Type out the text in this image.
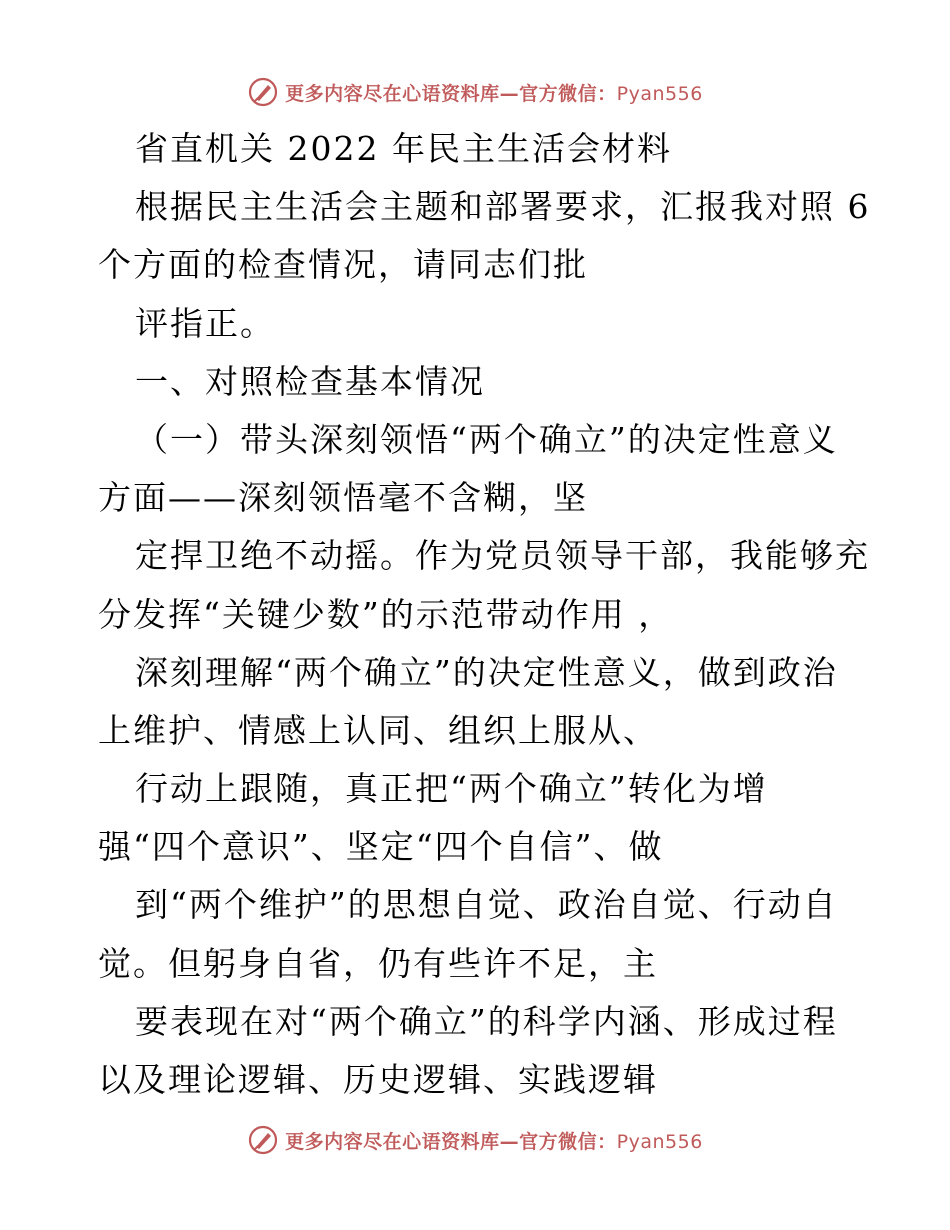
更多内容尽在心语资料库—官方微信：Pyan556
省直机关 2022 年民主生活会材料
根据民主生活会主题和部署要求，汇报我对照 6
个方面的检查情况，请同志们批
评指正。
一、对照检查基本情况
（一）带头深刻领悟“两个确立”的决定性意义
方面——深刻领悟毫不含糊，坚
定捍卫绝不动摇。作为党员领导干部，我能够充
分发挥“关键少数”的示范带动作用 ，
深刻理解“两个确立”的决定性意义，做到政治
上维护、情感上认同、组织上服从、
行动上跟随，真正把“两个确立”转化为增
强“四个意识”、坚定“四个自信”、做
到“两个维护”的思想自觉、政治自觉、行动自
觉。但躬身自省，仍有些许不足，主
要表现在对“两个确立”的科学内涵、形成过程
以及理论逻辑、历史逻辑、实践逻辑
更多内容尽在心语资料库—官方微信：Pyan556
